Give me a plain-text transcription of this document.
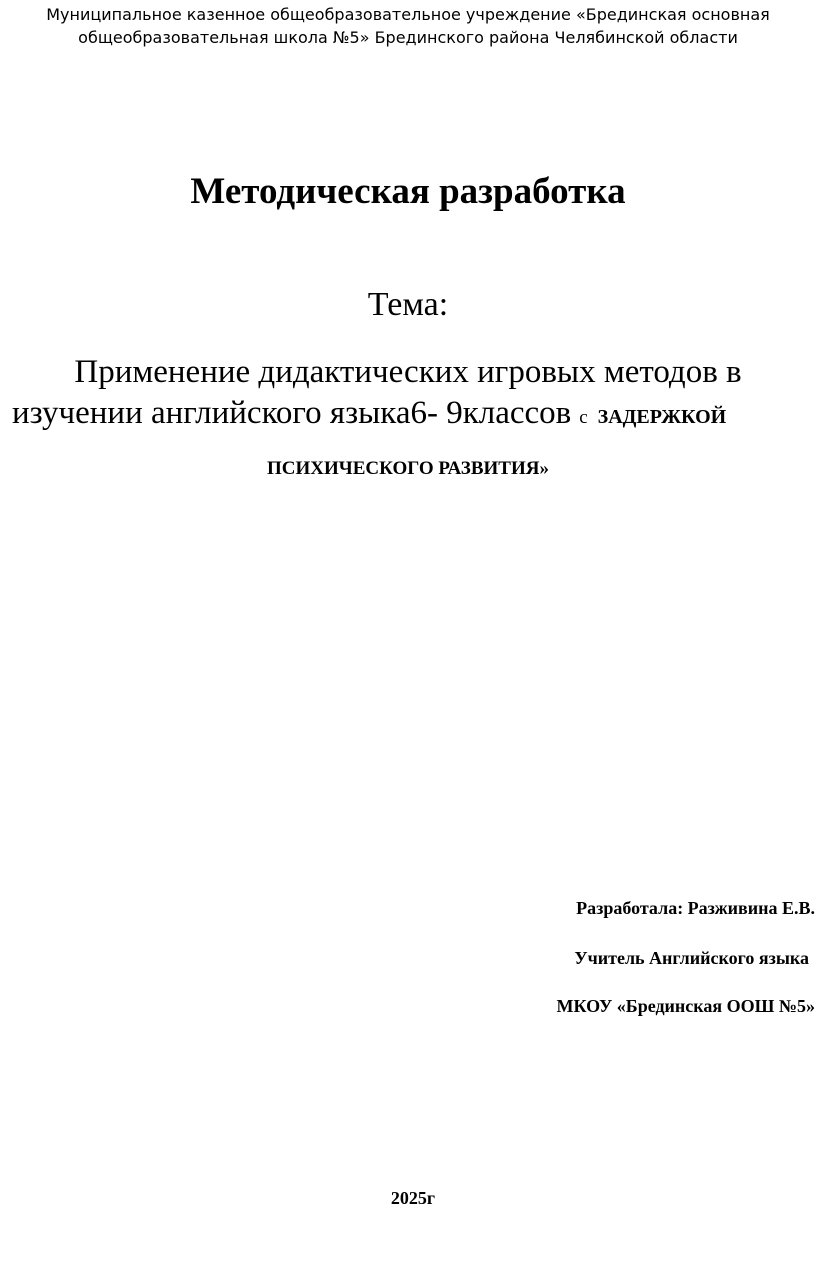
Муниципальное казенное общеобразовательное учреждение «Брединская основная
общеобразовательная школа №5» Брединского района Челябинской области
Методическая разработка
Тема:
Применение дидактических игровых методов в
изучении английского языка6- 9классов с ЗАДЕРЖКОЙ
ПСИХИЧЕСКОГО РАЗВИТИЯ»
Разработала: Разживина Е.В.
Учитель Английского языка
МКОУ «Брединская ООШ №5»
2025г
